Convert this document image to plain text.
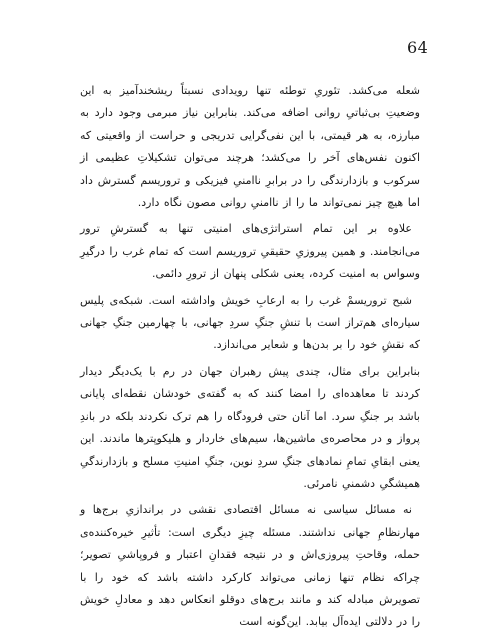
64

شعله می‌کشد. تئوریِ توطئه تنها رویدادی نسبتاً ریشخندآمیز به این وضعیتِ بی‌ثباتیِ روانی اضافه می‌کند. بنابراین نیاز مبرمی وجود دارد به مبارزه، به هر قیمتی، با این نفی‌گرایی تدریجی و حراست از واقعیتی که اکنون نفس‌های آخر را می‌کشد؛ هرچند می‌توان تشکیلاتِ عظیمی از سرکوب و بازدارندگی را در برابرِ ناامنیِ فیزیکی و تروریسم گسترش داد اما هیچ چیز نمی‌تواند ما را از ناامنیِ روانی مصون نگاه دارد.

علاوه بر این تمام استراتژی‌های امنیتی تنها به گسترشِ ترور می‌انجامند. و همین پیروزیِ حقیقیِ تروریسم است که تمام غرب را درگیرِ وسواس به امنیت کرده، یعنی شکلی پنهان از ترورِ دائمی.

شبح تروریسمْ غرب را به ارعابِ خویش واداشته است. شبکه‌ی پلیس سیاره‌ای هم‌تراز است با تنشِ جنگِ سردِ جهانی، با چهارمین جنگِ جهانی که نقشِ خود را بر بدن‌ها و شعایر می‌اندازد.

بنابراین برای مثال، چندی پیش رهبران جهان در رم با یک‌دیگر دیدار کردند تا معاهده‌ای را امضا کنند که به گفته‌ی خودشان نقطه‌ای پایانی باشد بر جنگِ سرد. اما آنان حتی فرودگاه را هم ترک نکردند بلکه در باندِ پرواز و در محاصره‌ی ماشین‌ها، سیم‌های خاردار و هلیکوپترها ماندند. این یعنی ابقایِ تمامِ نمادهای جنگِ سردِ نوین، جنگِ امنیتِ مسلح و بازدارندگیِ همیشگیِ دشمنیِ نامرئی.

نه مسائل سیاسی نه مسائل اقتصادی نقشی در براندازیِ برج‌ها و مهارنظامِ جهانی نداشتند. مسئله چیزِ دیگری است: تأثیرِ خیره‌کننده‌ی حمله، وقاحتِ پیروزی‌اش و در نتیجه فقدانِ اعتبار و فروپاشیِ تصویر؛ چراکه نظام تنها زمانی می‌تواند کارکرد داشته باشد که خود را با تصویرش مبادله کند و مانند برج‌های دوقلو انعکاس دهد و معادلِ خویش را در دلالتی ایده‌آل بیابد. این‌گونه است
